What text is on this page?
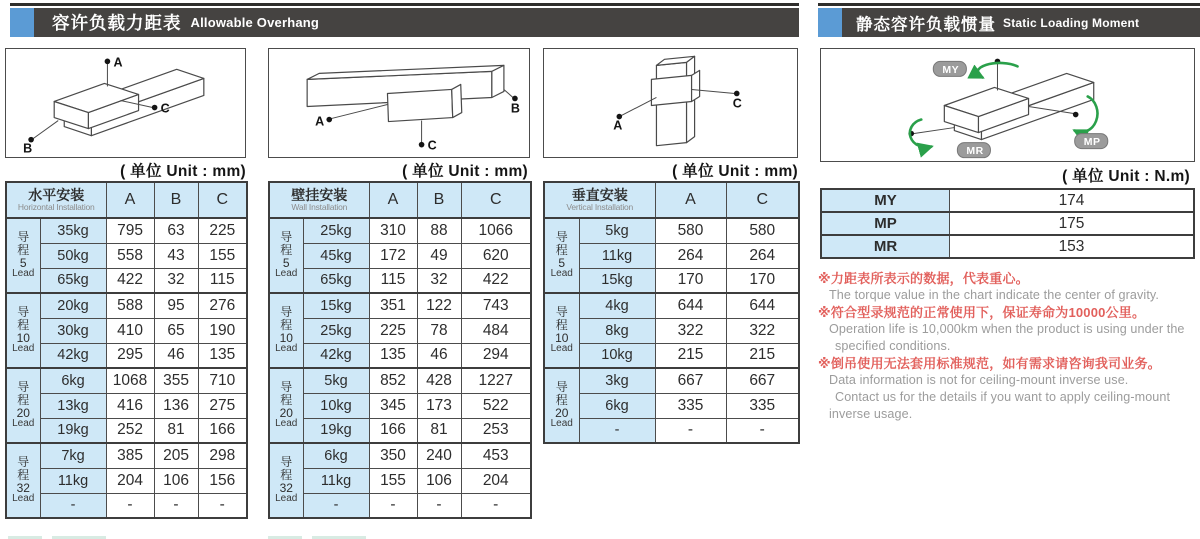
容许负载力距表 Allowable Overhang	静态容许负载惯量 Static Loading Moment
A
B
C
A
B
C
A
C
MY
MP
MR
( 单位 Unit : mm)	( 单位 Unit : mm)	( 单位 Unit : mm)	( 单位 Unit : N.m)
水平安装
Horizontal Installation		A	B	C

导
程
5
Lead	35kg	795	63	225
	50kg	558	43	155
	65kg	422	32	115

导
程
10
Lead	20kg	588	95	276
	30kg	410	65	190
	42kg	295	46	135

导
程
20
Lead	6kg	1068	355	710
	13kg	416	136	275
	19kg	252	81	166

导
程
32
Lead	7kg	385	205	298
	11kg	204	106	156
	-	-	-	-
壁挂安装
Wall Installation		A	B	C

导
程
5
Lead	25kg	310	88	1066
	45kg	172	49	620
	65kg	115	32	422

导
程
10
Lead	15kg	351	122	743
	25kg	225	78	484
	42kg	135	46	294

导
程
20
Lead	5kg	852	428	1227
	10kg	345	173	522
	19kg	166	81	253

导
程
32
Lead	6kg	350	240	453
	11kg	155	106	204
	-	-	-	-
垂直安装
Vertical Installation		A	C

导
程
5
Lead	5kg	580	580
	11kg	264	264
	15kg	170	170

导
程
10
Lead	4kg	644	644
	8kg	322	322
	10kg	215	215

导
程
20
Lead	3kg	667	667
	6kg	335	335
	-	-	-
MY	174
MP	175
MR	153
※力距表所表示的数据，代表重心。
The torque value in the chart indicate the center of gravity.
※符合型录规范的正常使用下，保证寿命为10000公里。
Operation life is 10,000km when the product is using under the
specified conditions.
※倒吊使用无法套用标准规范，如有需求请咨询我司业务。
Data information is not for ceiling-mount inverse use.
Contact us for the details if you want to apply ceiling-mount
inverse usage.
